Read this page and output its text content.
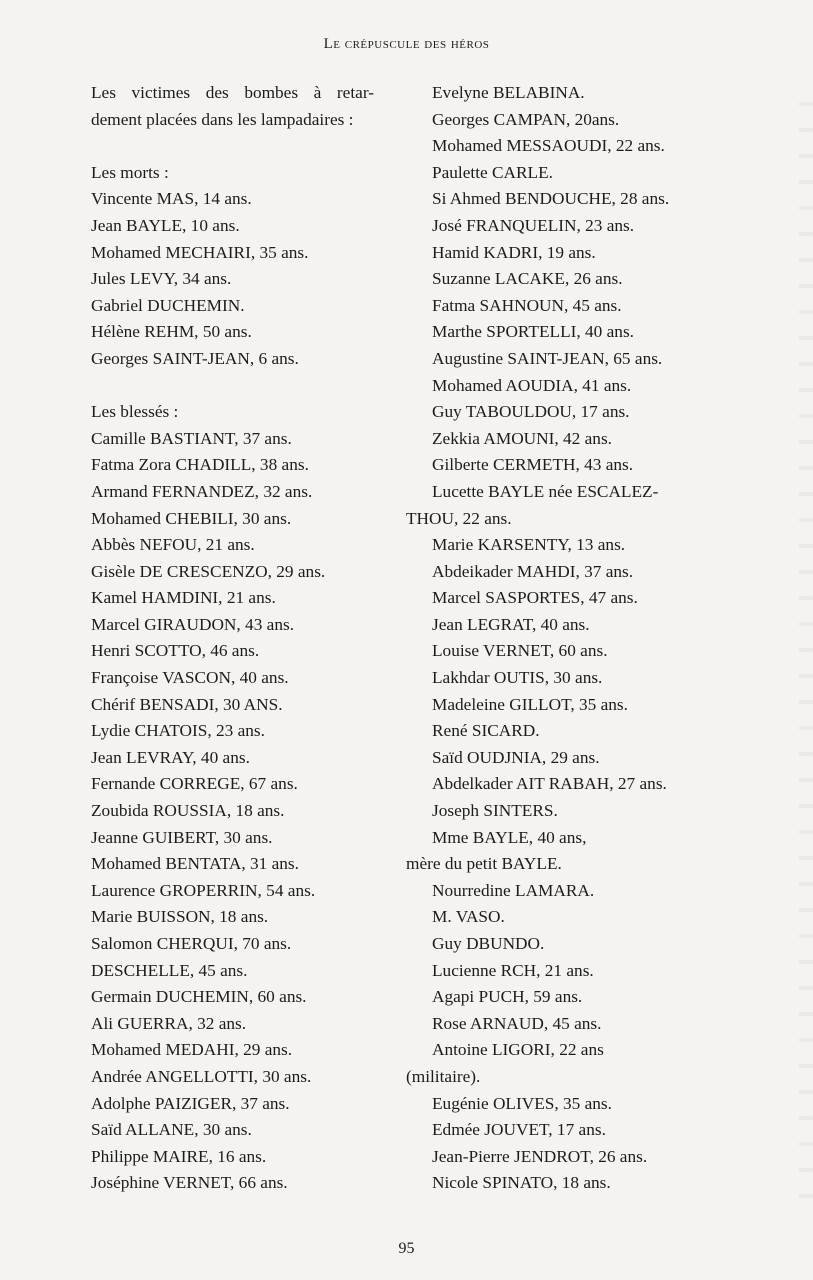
Le crépuscule des héros
Les victimes des bombes à retar-
dement placées dans les lampadaires :
Les morts :
Vincente MAS, 14 ans.
Jean BAYLE, 10 ans.
Mohamed MECHAIRI, 35 ans.
Jules LEVY, 34 ans.
Gabriel DUCHEMIN.
Hélène REHM, 50 ans.
Georges SAINT-JEAN, 6 ans.
Les blessés :
Camille BASTIANT, 37 ans.
Fatma Zora CHADILL, 38 ans.
Armand FERNANDEZ, 32 ans.
Mohamed CHEBILI, 30 ans.
Abbès NEFOU, 21 ans.
Gisèle DE CRESCENZO, 29 ans.
Kamel HAMDINI, 21 ans.
Marcel GIRAUDON, 43 ans.
Henri SCOTTO, 46 ans.
Françoise VASCON, 40 ans.
Chérif BENSADI, 30 ANS.
Lydie CHATOIS, 23 ans.
Jean LEVRAY, 40 ans.
Fernande CORREGE, 67 ans.
Zoubida ROUSSIA, 18 ans.
Jeanne GUIBERT, 30 ans.
Mohamed BENTATA, 31 ans.
Laurence GROPERRIN, 54 ans.
Marie BUISSON, 18 ans.
Salomon CHERQUI, 70 ans.
DESCHELLE, 45 ans.
Germain DUCHEMIN, 60 ans.
Ali GUERRA, 32 ans.
Mohamed MEDAHI, 29 ans.
Andrée ANGELLOTTI, 30 ans.
Adolphe PAIZIGER, 37 ans.
Saïd ALLANE, 30 ans.
Philippe MAIRE, 16 ans.
Joséphine VERNET, 66 ans.
Evelyne BELABINA.
Georges CAMPAN, 20ans.
Mohamed MESSAOUDI, 22 ans.
Paulette CARLE.
Si Ahmed BENDOUCHE, 28 ans.
José FRANQUELIN, 23 ans.
Hamid KADRI, 19 ans.
Suzanne LACAKE, 26 ans.
Fatma SAHNOUN, 45 ans.
Marthe SPORTELLI, 40 ans.
Augustine SAINT-JEAN, 65 ans.
Mohamed AOUDIA, 41 ans.
Guy TABOULDOU, 17 ans.
Zekkia AMOUNI, 42 ans.
Gilberte CERMETH, 43 ans.
Lucette BAYLE née ESCALEZ-
THOU, 22 ans.
Marie KARSENTY, 13 ans.
Abdeikader MAHDI, 37 ans.
Marcel SASPORTES, 47 ans.
Jean LEGRAT, 40 ans.
Louise VERNET, 60 ans.
Lakhdar OUTIS, 30 ans.
Madeleine GILLOT, 35 ans.
René SICARD.
Saïd OUDJNIA, 29 ans.
Abdelkader AIT RABAH, 27 ans.
Joseph SINTERS.
Mme BAYLE, 40 ans,
mère du petit BAYLE.
Nourredine LAMARA.
M. VASO.
Guy DBUNDO.
Lucienne RCH, 21 ans.
Agapi PUCH, 59 ans.
Rose ARNAUD, 45 ans.
Antoine LIGORI, 22 ans
(militaire).
Eugénie OLIVES, 35 ans.
Edmée JOUVET, 17 ans.
Jean-Pierre JENDROT, 26 ans.
Nicole SPINATO, 18 ans.
95
